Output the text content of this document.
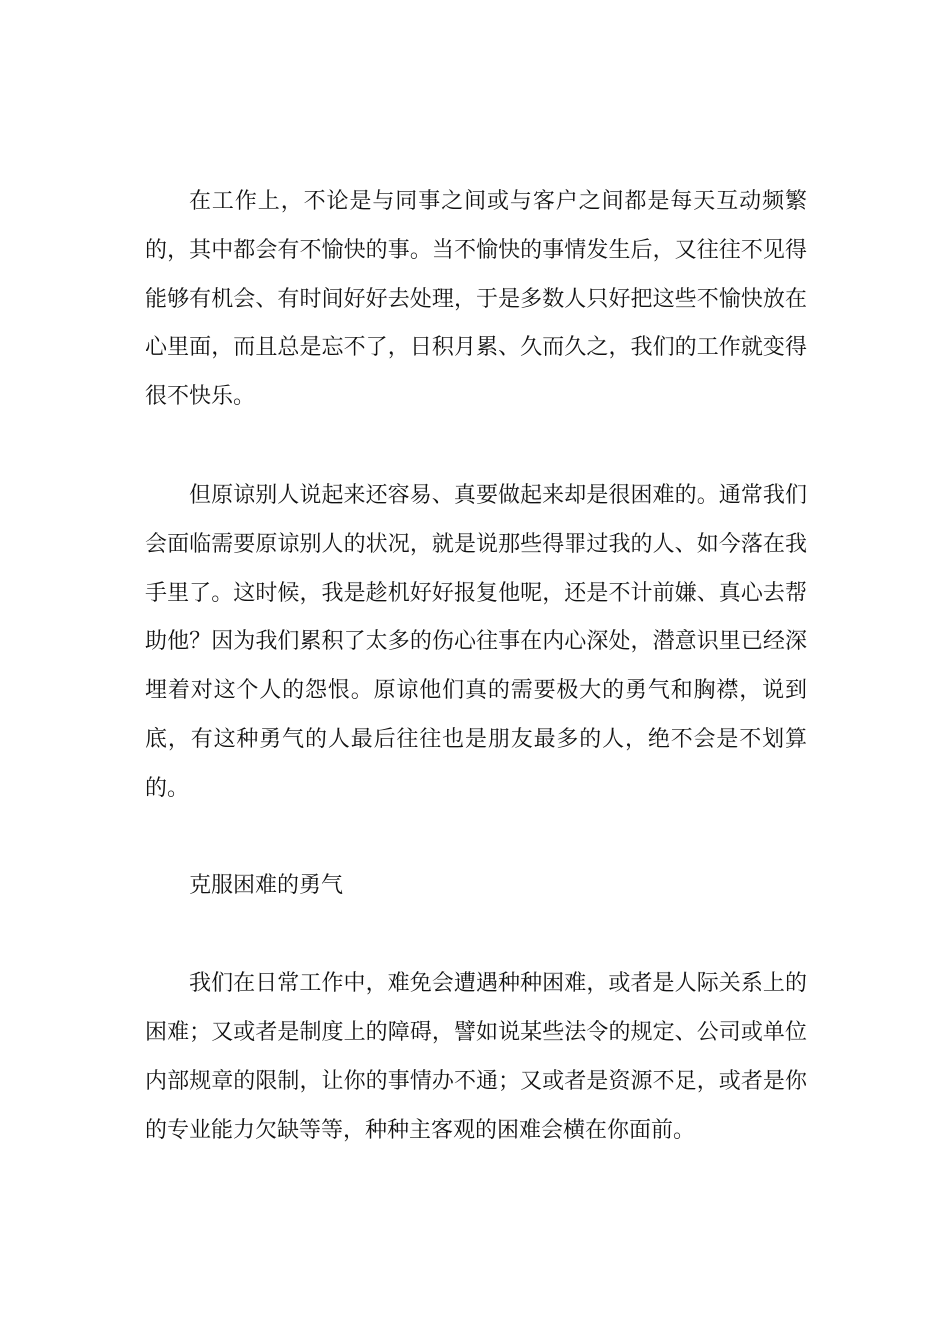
在工作上，不论是与同事之间或与客户之间都是每天互动频繁的，其中都会有不愉快的事。当不愉快的事情发生后，又往往不见得能够有机会、有时间好好去处理，于是多数人只好把这些不愉快放在心里面，而且总是忘不了，日积月累、久而久之，我们的工作就变得很不快乐。

但原谅别人说起来还容易、真要做起来却是很困难的。通常我们会面临需要原谅别人的状况，就是说那些得罪过我的人、如今落在我手里了。这时候，我是趁机好好报复他呢，还是不计前嫌、真心去帮助他？因为我们累积了太多的伤心往事在内心深处，潜意识里已经深埋着对这个人的怨恨。原谅他们真的需要极大的勇气和胸襟，说到底，有这种勇气的人最后往往也是朋友最多的人，绝不会是不划算的。

克服困难的勇气

我们在日常工作中，难免会遭遇种种困难，或者是人际关系上的困难；又或者是制度上的障碍，譬如说某些法令的规定、公司或单位内部规章的限制，让你的事情办不通；又或者是资源不足，或者是你的专业能力欠缺等等，种种主客观的困难会横在你面前。
